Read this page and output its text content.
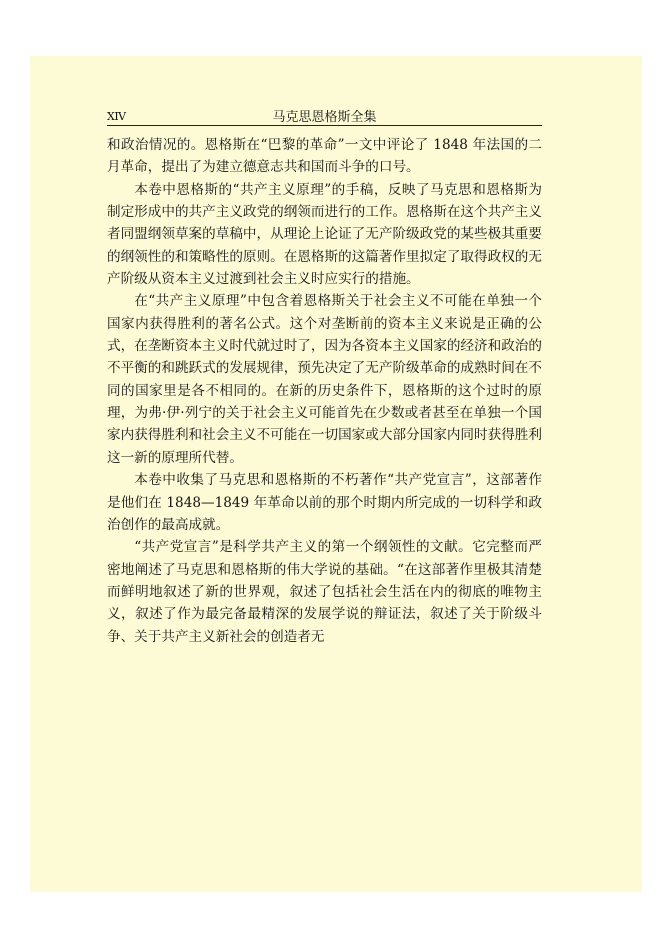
XIV	马克思恩格斯全集

和政治情况的。恩格斯在“巴黎的革命”一文中评论了 1848 年法国的二月革命，提出了为建立德意志共和国而斗争的口号。

本卷中恩格斯的“共产主义原理”的手稿，反映了马克思和恩格斯为制定形成中的共产主义政党的纲领而进行的工作。恩格斯在这个共产主义者同盟纲领草案的草稿中，从理论上论证了无产阶级政党的某些极其重要的纲领性的和策略性的原则。在恩格斯的这篇著作里拟定了取得政权的无产阶级从资本主义过渡到社会主义时应实行的措施。

在“共产主义原理”中包含着恩格斯关于社会主义不可能在单独一个国家内获得胜利的著名公式。这个对垄断前的资本主义来说是正确的公式，在垄断资本主义时代就过时了，因为各资本主义国家的经济和政治的不平衡的和跳跃式的发展规律，预先决定了无产阶级革命的成熟时间在不同的国家里是各不相同的。在新的历史条件下，恩格斯的这个过时的原理，为弗·伊·列宁的关于社会主义可能首先在少数或者甚至在单独一个国家内获得胜利和社会主义不可能在一切国家或大部分国家内同时获得胜利这一新的原理所代替。

本卷中收集了马克思和恩格斯的不朽著作“共产党宣言”，这部著作是他们在 1848—1849 年革命以前的那个时期内所完成的一切科学和政治创作的最高成就。

“共产党宣言”是科学共产主义的第一个纲领性的文献。它完整而严密地阐述了马克思和恩格斯的伟大学说的基础。“在这部著作里极其清楚而鲜明地叙述了新的世界观，叙述了包括社会生活在内的彻底的唯物主义，叙述了作为最完备最精深的发展学说的辩证法，叙述了关于阶级斗争、关于共产主义新社会的创造者无
